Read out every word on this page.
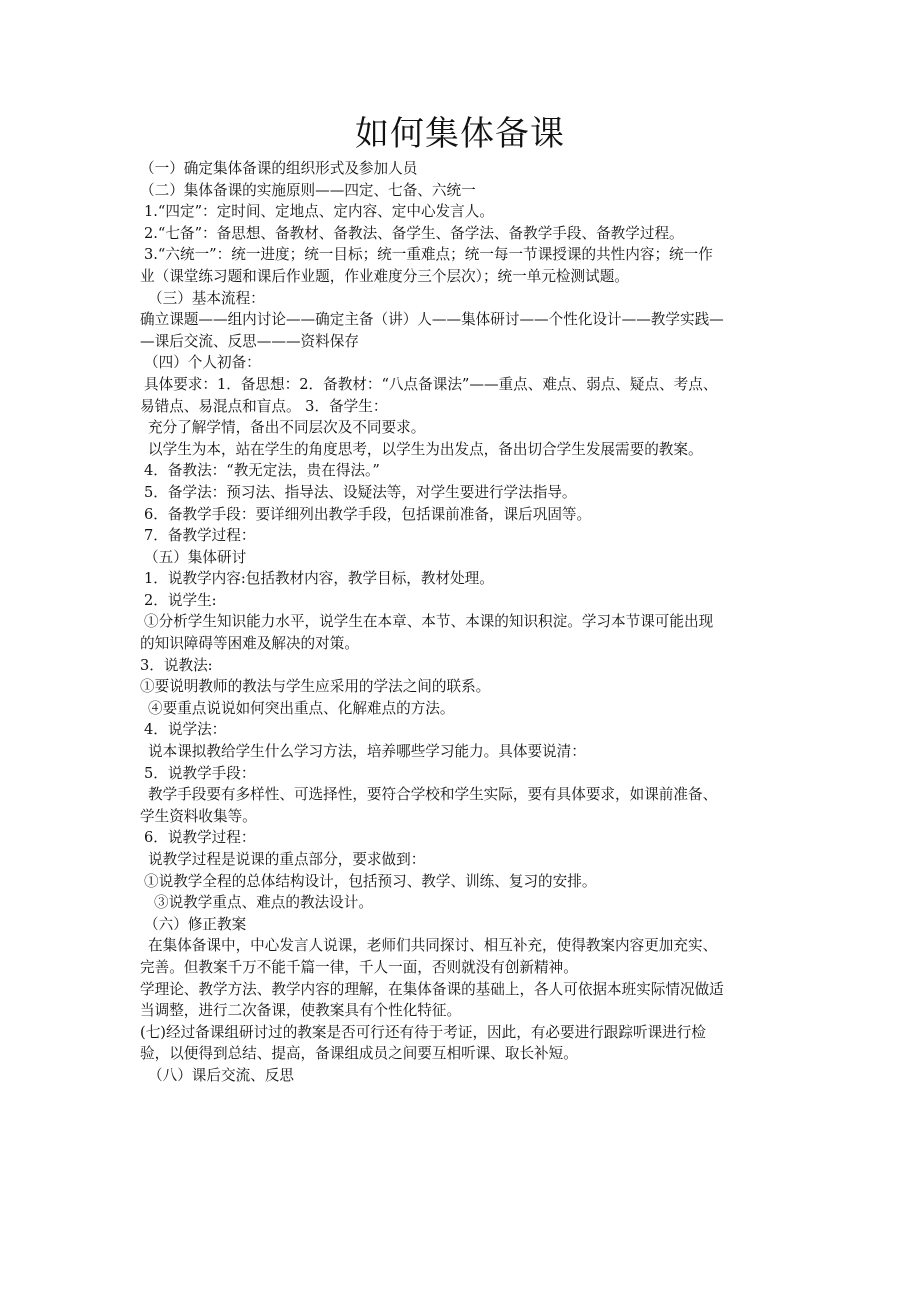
如何集体备课
（一）确定集体备课的组织形式及参加人员
（二）集体备课的实施原则——四定、七备、六统一
1.“四定”：定时间、定地点、定内容、定中心发言人。
2.“七备”：备思想、备教材、备教法、备学生、备学法、备教学手段、备教学过程。
3.“六统一”：统一进度；统一目标；统一重难点；统一每一节课授课的共性内容；统一作
业（课堂练习题和课后作业题，作业难度分三个层次）；统一单元检测试题。
（三）基本流程：
确立课题——组内讨论——确定主备（讲）人——集体研讨——个性化设计——教学实践—
—课后交流、反思———资料保存
（四）个人初备：
具体要求：1．备思想：2．备教材：“八点备课法”——重点、难点、弱点、疑点、考点、
易错点、易混点和盲点。 3．备学生：
充分了解学情，备出不同层次及不同要求。
以学生为本，站在学生的角度思考，以学生为出发点，备出切合学生发展需要的教案。
4．备教法：“教无定法，贵在得法。”
5．备学法：预习法、指导法、设疑法等，对学生要进行学法指导。
6．备教学手段：要详细列出教学手段，包括课前准备，课后巩固等。
7．备教学过程：
（五）集体研讨
1．说教学内容:包括教材内容，教学目标，教材处理。
2．说学生:
①分析学生知识能力水平，说学生在本章、本节、本课的知识积淀。学习本节课可能出现
的知识障碍等困难及解决的对策。
3．说教法:
①要说明教师的教法与学生应采用的学法之间的联系。
④要重点说说如何突出重点、化解难点的方法。
4．说学法：
说本课拟教给学生什么学习方法，培养哪些学习能力。具体要说清：
5．说教学手段：
教学手段要有多样性、可选择性，要符合学校和学生实际，要有具体要求，如课前准备、
学生资料收集等。
6．说教学过程：
说教学过程是说课的重点部分，要求做到：
①说教学全程的总体结构设计，包括预习、教学、训练、复习的安排。
③说教学重点、难点的教法设计。
（六）修正教案
在集体备课中，中心发言人说课，老师们共同探讨、相互补充，使得教案内容更加充实、
完善。但教案千万不能千篇一律，千人一面，否则就没有创新精神。
学理论、教学方法、教学内容的理解，在集体备课的基础上，各人可依据本班实际情况做适
当调整，进行二次备课，使教案具有个性化特征。
(七)经过备课组研讨过的教案是否可行还有待于考证，因此，有必要进行跟踪听课进行检
验，以便得到总结、提高，备课组成员之间要互相听课、取长补短。
（八）课后交流、反思
